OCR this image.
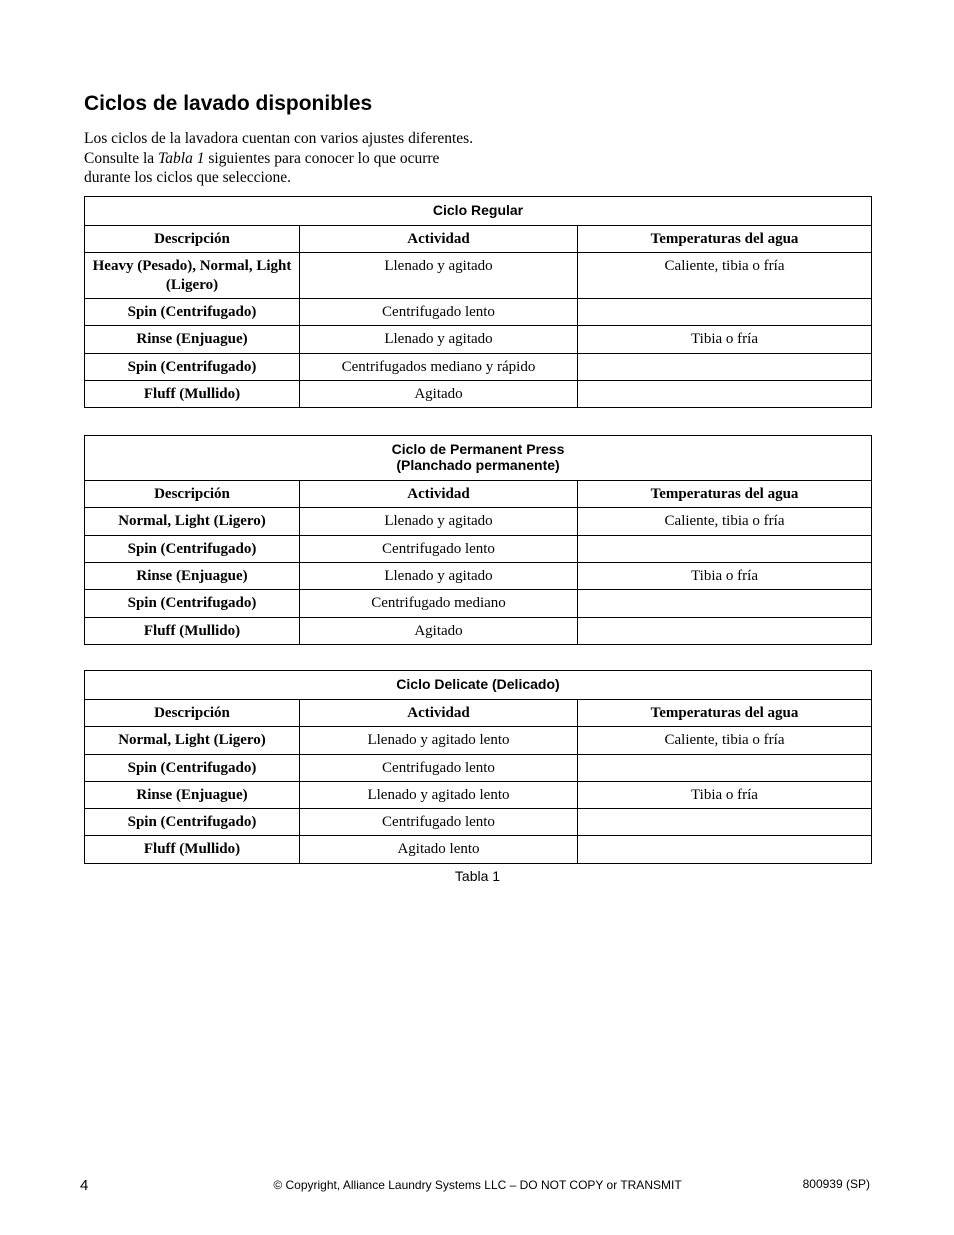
Ciclos de lavado disponibles

Los ciclos de la lavadora cuentan con varios ajustes diferentes. Consulte la Tabla 1 siguientes para conocer lo que ocurre durante los ciclos que seleccione.

Ciclo Regular		
Descripción	Actividad	Temperaturas del agua
Heavy (Pesado), Normal, Light (Ligero)	Llenado y agitado	Caliente, tibia o fría
Spin (Centrifugado)	Centrifugado lento	
Rinse (Enjuague)	Llenado y agitado	Tibia o fría
Spin (Centrifugado)	Centrifugados mediano y rápido	
Fluff (Mullido)	Agitado	
Ciclo de Permanent Press
(Planchado permanente)		

Descripción	Actividad	Temperaturas del agua
Normal, Light (Ligero)	Llenado y agitado	Caliente, tibia o fría
Spin (Centrifugado)	Centrifugado lento	
Rinse (Enjuague)	Llenado y agitado	Tibia o fría
Spin (Centrifugado)	Centrifugado mediano	
Fluff (Mullido)	Agitado	
Ciclo Delicate (Delicado)		
Descripción	Actividad	Temperaturas del agua
Normal, Light (Ligero)	Llenado y agitado lento	Caliente, tibia o fría
Spin (Centrifugado)	Centrifugado lento	
Rinse (Enjuague)	Llenado y agitado lento	Tibia o fría
Spin (Centrifugado)	Centrifugado lento	
Fluff (Mullido)	Agitado lento	
Tabla 1
4	© Copyright, Alliance Laundry Systems LLC – DO NOT COPY or TRANSMIT	800939 (SP)
